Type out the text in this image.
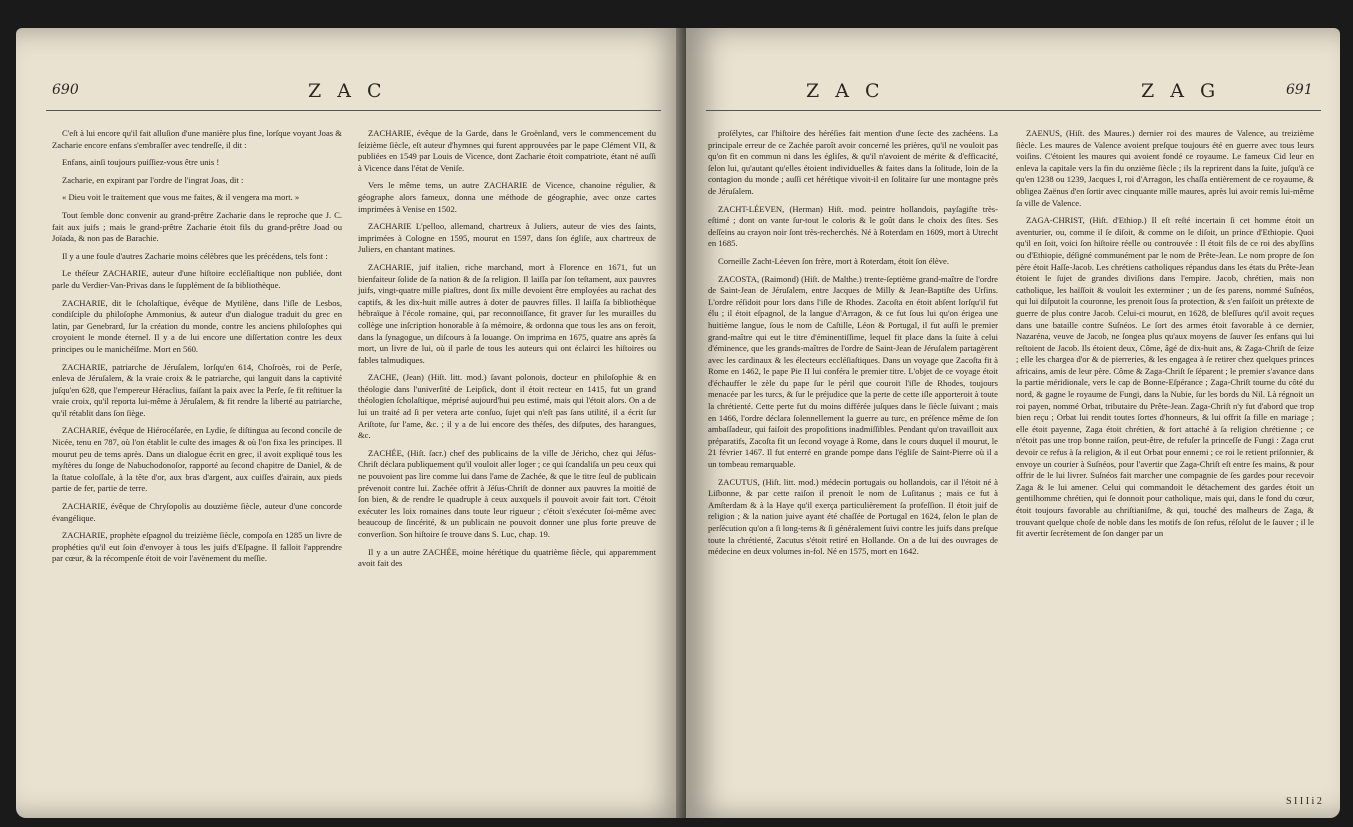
690	Z A C

C'eſt à lui encore qu'il fait alluſion d'une manière plus fine, lorſque voyant Joas & Zacharie encore enfans s'embraſſer avec tendreſſe, il dit :

Enfans, ainſi toujours puiſſiez-vous être unis !

Zacharie, en expirant par l'ordre de l'ingrat Joas, dit :

« Dieu voit le traitement que vous me faites, & il vengera ma mort. »

Tout ſemble donc convenir au grand-prêtre Zacharie dans le reproche que J. C. fait aux juifs ; mais le grand-prêtre Zacharie étoit fils du grand-prêtre Joad ou Joïada, & non pas de Barachie.

Il y a une foule d'autres Zacharie moins célèbres que les précédens, tels font :

Le théſeur ZACHARIE, auteur d'une hiſtoire eccléſiaſtique non publiée, dont parle du Verdier-Van-Privas dans le ſupplément de ſa bibliothèque.

ZACHARIE, dit le ſcholaſtique, évêque de Mytilène, dans l'iſle de Lesbos, condiſciple du philoſophe Ammonius, & auteur d'un dialogue traduit du grec en latin, par Genebrard, ſur la création du monde, contre les anciens philoſophes qui croyoient le monde éternel. Il y a de lui encore une diſſertation contre les deux principes ou le manichéïſme. Mort en 560.

ZACHARIE, patriarche de Jéruſalem, lorſqu'en 614, Choſroès, roi de Perſe, enleva de Jéruſalem, & la vraie croix & le patriarche, qui languit dans la captivité juſqu'en 628, que l'empereur Héraclius, faiſant la paix avec la Perſe, ſe fit reſtituer la vraie croix, qu'il reporta lui-même à Jéruſalem, & fit rendre la liberté au patriarche, qu'il rétablit dans ſon ſiège.

ZACHARIE, évêque de Hiérocéſarée, en Lydie, ſe diſtingua au ſecond concile de Nicée, tenu en 787, où l'on établit le culte des images & où l'on fixa les principes. Il mourut peu de tems après. Dans un dialogue écrit en grec, il avoit expliqué tous les myſtères du ſonge de Nabuchodonoſor, rapporté au ſecond chapitre de Daniel, & de la ſtatue coloſſale, à la tête d'or, aux bras d'argent, aux cuiſſes d'airain, aux pieds partie de fer, partie de terre.

ZACHARIE, évêque de Chryſopolis au douzième ſiècle, auteur d'une concorde évangélique.

ZACHARIE, prophète eſpagnol du treizième ſiècle, compoſa en 1285 un livre de prophéties qu'il eut ſoin d'envoyer à tous les juifs d'Eſpagne. Il falloit l'apprendre par cœur, & la récompenſe étoit de voir l'avènement du meſſie.

ZACHARIE, évêque de la Garde, dans le Groënland, vers le commencement du ſeizième ſiècle, eſt auteur d'hymnes qui furent approuvées par le pape Clément VII, & publiées en 1549 par Louis de Vicence, dont Zacharie étoit compatriote, étant né auſſi à Vicence dans l'état de Veniſe.

Vers le même tems, un autre ZACHARIE de Vicence, chanoine régulier, & géographe alors fameux, donna une méthode de géographie, avec onze cartes imprimées à Venise en 1502.

ZACHARIE L'pelloo, allemand, chartreux à Juliers, auteur de vies des ſaints, imprimées à Cologne en 1595, mourut en 1597, dans ſon égliſe, aux chartreux de Juliers, en chantant matines.

ZACHARIE, juif italien, riche marchand, mort à Florence en 1671, fut un bienfaiteur ſolide de ſa nation & de ſa religion. Il laiſſa par ſon teſtament, aux pauvres juifs, vingt-quatre mille piaſtres, dont ſix mille devoient être employées au rachat des captifs, & les dix-huit mille autres à doter de pauvres filles. Il laiſſa ſa bibliothèque hébraïque à l'école romaine, qui, par reconnoiſſance, fit graver ſur les murailles du collège une inſcription honorable à ſa mémoire, & ordonna que tous les ans on feroit, dans la ſynagogue, un diſcours à ſa louange. On imprima en 1675, quatre ans après ſa mort, un livre de lui, où il parle de tous les auteurs qui ont éclairci les hiſtoires ou fables talmudiques.

ZACHE, (Jean) (Hiſt. litt. mod.) ſavant polonois, docteur en philoſophie & en théologie dans l'univerſité de Leipſick, dont il étoit recteur en 1415, fut un grand théologien ſcholaſtique, méprisé aujourd'hui peu estimé, mais qui l'étoit alors. On a de lui un traité ad ſi per vetera arte conſuo, ſujet qui n'eſt pas ſans utilité, il a écrit ſur Ariſtote, ſur l'ame, &c. ; il y a de lui encore des théſes, des diſputes, des harangues, &c.

ZACHÉE, (Hiſt. ſacr.) chef des publicains de la ville de Jéricho, chez qui Jéſus-Chriſt déclara publiquement qu'il vouloit aller loger ; ce qui ſcandaliſa un peu ceux qui ne pouvoient pas lire comme lui dans l'ame de Zachée, & que le titre ſeul de publicain prévenoit contre lui. Zachée offrit à Jéſus-Chriſt de donner aux pauvres la moitié de ſon bien, & de rendre le quadruple à ceux auxquels il pouvoit avoir fait tort. C'étoit exécuter les loix romaines dans toute leur rigueur ; c'étoit s'exécuter ſoi-même avec beaucoup de ſincérité, & un publicain ne pouvoit donner une plus forte preuve de converſion. Son hiſtoire ſe trouve dans S. Luc, chap. 19.

Il y a un autre ZACHÉE, moine hérétique du quatrième ſiècle, qui apparemment avoit fait des

Z A C	Z A G	691

proſélytes, car l'hiſtoire des héréſies fait mention d'une ſecte des zachéens. La principale erreur de ce Zachée paroît avoir concerné les prières, qu'il ne vouloit pas qu'on fit en commun ni dans les égliſes, & qu'il n'avoient de mérite & d'efficacité, ſelon lui, qu'autant qu'elles étoient individuelles & faites dans la ſolitude, loin de la contagion du monde ; auſſi cet hérétique vivoit-il en ſolitaire ſur une montagne près de Jéruſalem.

ZACHT-LÉEVEN, (Herman) Hiſt. mod. peintre hollandois, payſagiſte très-eſtimé ; dont on vante ſur-tout le coloris & le goût dans le choix des ſites. Ses deſſeins au crayon noir ſont très-recherchés. Né à Roterdam en 1609, mort à Utrecht en 1685.

Corneille Zacht-Léeven ſon frère, mort à Roterdam, étoit ſon élève.

ZACOSTA, (Raimond) (Hiſt. de Malthe.) trente-ſeptième grand-maître de l'ordre de Saint-Jean de Jéruſalem, entre Jacques de Milly & Jean-Baptiſte des Urſins. L'ordre réſidoit pour lors dans l'iſle de Rhodes. Zacoſta en étoit abſent lorſqu'il fut élu ; il étoit eſpagnol, de la langue d'Arragon, & ce fut ſous lui qu'on érigea une huitième langue, ſous le nom de Caſtille, Léon & Portugal, il fut auſſi le premier grand-maître qui eut le titre d'éminentiſſime, lequel fit place dans la ſuite à celui d'éminence, que les grands-maîtres de l'ordre de Saint-Jean de Jéruſalem partagèrent avec les cardinaux & les électeurs eccléſiaſtiques. Dans un voyage que Zacoſta fit à Rome en 1462, le pape Pie II lui conféra le premier titre. L'objet de ce voyage étoit d'échauffer le zèle du pape ſur le péril que couroit l'iſle de Rhodes, toujours menacée par les turcs, & ſur le préjudice que la perte de cette iſle apporteroit à toute la chrétienté. Cette perte fut du moins différée juſques dans le ſiècle ſuivant ; mais en 1466, l'ordre déclara ſolennellement la guerre au turc, en préſence même de ſon ambaſſadeur, qui faiſoit des propoſitions inadmiſſibles. Pendant qu'on travailloit aux préparatifs, Zacoſta fit un ſecond voyage à Rome, dans le cours duquel il mourut, le 21 février 1467. Il fut enterré en grande pompe dans l'égliſe de Saint-Pierre où il a un tombeau remarquable.

ZACUTUS, (Hiſt. litt. mod.) médecin portugais ou hollandois, car il l'étoit né à Liſbonne, & par cette raiſon il prenoit le nom de Luſitanus ; mais ce fut à Amſterdam & à la Haye qu'il exerça particulièrement ſa profeſſion. Il étoit juif de religion ; & la nation juive ayant été chaſſée de Portugal en 1624, ſelon le plan de perſécution qu'on a ſi long-tems & ſi généralement ſuivi contre les juifs dans preſque toute la chrétienté, Zacutus s'étoit retiré en Hollande. On a de lui des ouvrages de médecine en deux volumes in-fol. Né en 1575, mort en 1642.

ZAENUS, (Hiſt. des Maures.) dernier roi des maures de Valence, au treizième ſiècle. Les maures de Valence avoient preſque toujours été en guerre avec tous leurs voiſins. C'étoient les maures qui avoient fondé ce royaume. Le fameux Cid leur en enleva la capitale vers la fin du onzième ſiècle ; ils la reprirent dans la ſuite, juſqu'à ce qu'en 1238 ou 1239, Jacques I, roi d'Arragon, les chaſſa entièrement de ce royaume, & obligea Zaënus d'en ſortir avec cinquante mille maures, après lui avoir remis lui-même ſa ville de Valence.

ZAGA-CHRIST, (Hiſt. d'Ethiop.) Il eſt reſté incertain ſi cet homme étoit un aventurier, ou, comme il ſe diſoit, & comme on le diſoit, un prince d'Ethiopie. Quoi qu'il en ſoit, voici ſon hiſtoire réelle ou controuvée : Il étoit fils de ce roi des abyſſins ou d'Ethiopie, déſigné communément par le nom de Prête-Jean. Le nom propre de ſon père étoit Haſſe-Jacob. Les chrétiens catholiques répandus dans les états du Prête-Jean étoient le ſujet de grandes diviſions dans l'empire. Jacob, chrétien, mais non catholique, les haïſſoit & vouloit les exterminer ; un de ſes parens, nommé Suſnéos, qui lui diſputoit la couronne, les prenoit ſous ſa protection, & s'en faiſoit un prétexte de guerre de plus contre Jacob. Celui-ci mourut, en 1628, de bleſſures qu'il avoit reçues dans une bataille contre Suſnéos. Le ſort des armes étoit favorable à ce dernier, Nazaréna, veuve de Jacob, ne ſongea plus qu'aux moyens de ſauver ſes enfans qui lui reſtoient de Jacob. Ils étoient deux, Côme, âgé de dix-huit ans, & Zaga-Chriſt de ſeize ; elle les chargea d'or & de pierreries, & les engagea à ſe retirer chez quelques princes africains, amis de leur père. Côme & Zaga-Chriſt ſe ſéparent ; le premier s'avance dans la partie méridionale, vers le cap de Bonne-Eſpérance ; Zaga-Chriſt tourne du côté du nord, & gagne le royaume de Fungi, dans la Nubie, ſur les bords du Nil. Là régnoit un roi payen, nommé Orbat, tributaire du Prête-Jean. Zaga-Chriſt n'y fut d'abord que trop bien reçu ; Orbat lui rendit toutes ſortes d'honneurs, & lui offrit ſa fille en mariage ; elle étoit payenne, Zaga étoit chrétien, & fort attaché à ſa religion chrétienne ; ce n'étoit pas une trop bonne raiſon, peut-être, de refuſer la princeſſe de Fungi : Zaga crut devoir ce refus à ſa religion, & il eut Orbat pour ennemi ; ce roi le retient priſonnier, & envoye un courier à Suſnéos, pour l'avertir que Zaga-Chriſt eſt entre ſes mains, & pour offrir de le lui livrer. Suſnéos fait marcher une compagnie de ſes gardes pour recevoir Zaga & le lui amener. Celui qui commandoit le détachement des gardes étoit un gentilhomme chrétien, qui ſe donnoit pour catholique, mais qui, dans le fond du cœur, étoit toujours favorable au chriſtianiſme, & qui, touché des malheurs de Zaga, & trouvant quelque choſe de noble dans les motifs de ſon refus, réſolut de le ſauver ; il le fit avertir ſecrètement de ſon danger par un

S I I I i 2
